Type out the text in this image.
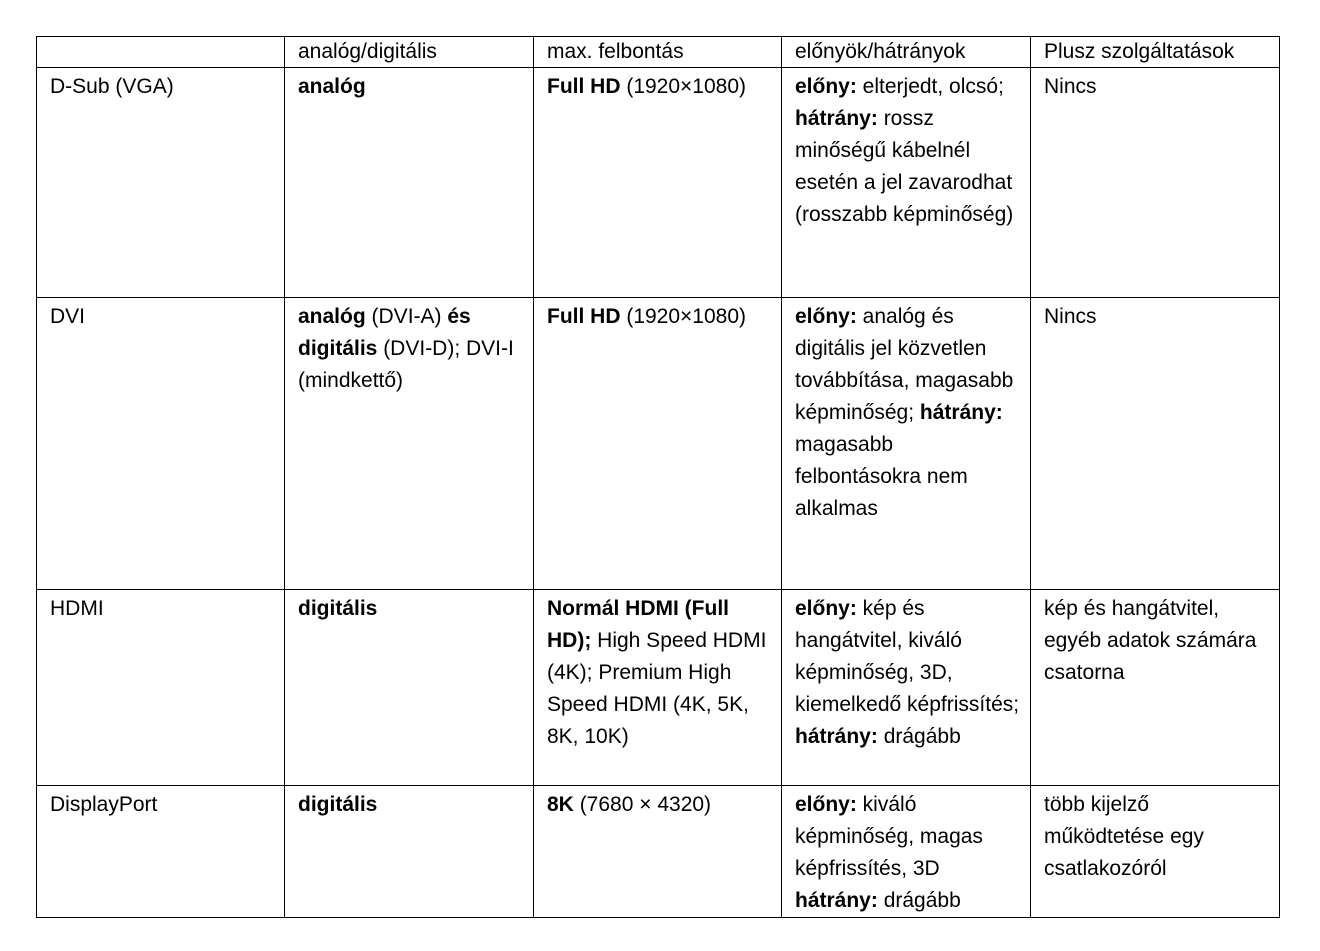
	analóg/digitális	max. felbontás	előnyök/hátrányok	Plusz szolgáltatások
D-Sub (VGA)	analóg	Full HD (1920×1080)	előny: elterjedt, olcsó; hátrány: rossz minőségű kábelnél esetén a jel zavarodhat (rosszabb képminőség)	Nincs
DVI	analóg (DVI-A) és digitális (DVI-D); DVI-I (mindkettő)	Full HD (1920×1080)	előny: analóg és digitális jel közvetlen továbbítása, magasabb képminőség; hátrány: magasabb felbontásokra nem alkalmas	Nincs
HDMI	digitális	Normál HDMI (Full HD); High Speed HDMI (4K); Premium High Speed HDMI (4K, 5K, 8K, 10K)	előny: kép és hangátvitel, kiváló képminőség, 3D, kiemelkedő képfrissítés; hátrány: drágább	kép és hangátvitel, egyéb adatok számára csatorna
DisplayPort	digitális	8K (7680 × 4320)	előny: kiváló képminőség, magas képfrissítés, 3D hátrány: drágább	több kijelző működtetése egy csatlakozóról
